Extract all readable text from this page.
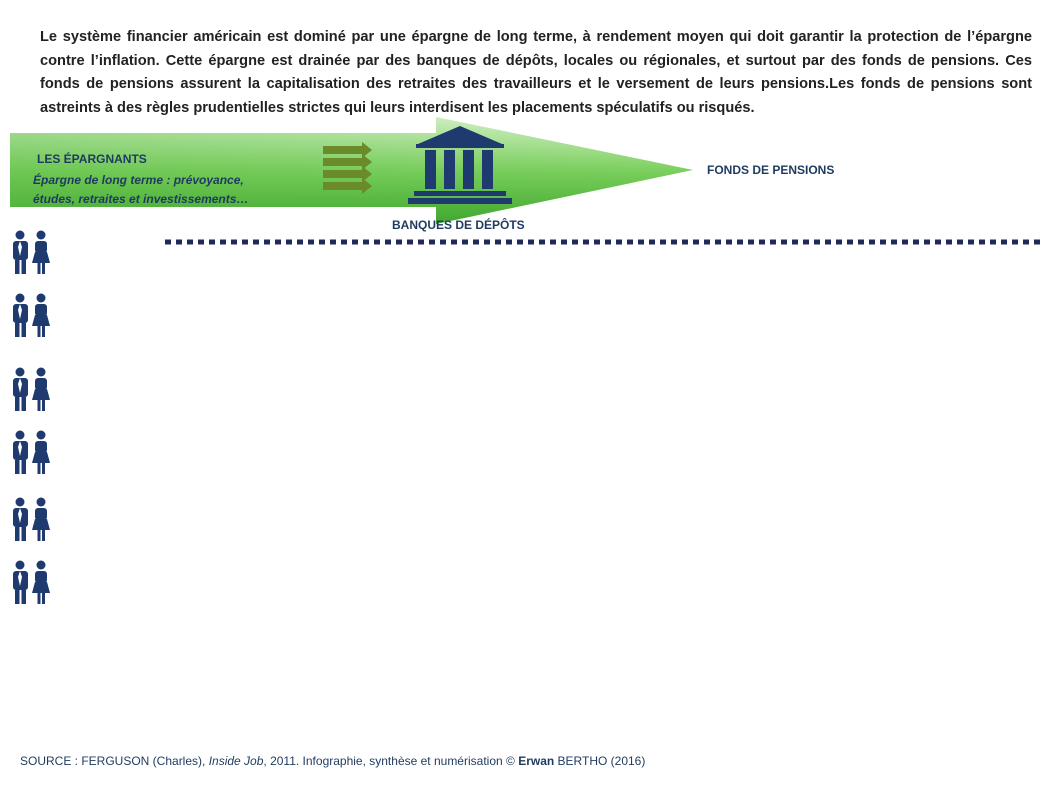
Le système financier américain est dominé par une épargne de long terme, à rendement moyen qui doit garantir la protection de l’épargne contre l’inflation. Cette épargne est drainée par des banques de dépôts, locales ou régionales, et surtout par des fonds de pensions. Ces fonds de pensions assurent la capitalisation des retraites des travailleurs et le versement de leurs pensions.Les fonds de pensions sont astreints à des règles prudentielles strictes qui leurs interdisent les placements spéculatifs ou risqués.

LES ÉPARGNANTS
Épargne de long terme : prévoyance, études, retraites et investissements…
BANQUES DE DÉPÔTS
FONDS DE PENSIONS
SOURCE : FERGUSON (Charles), Inside Job, 2011. Infographie, synthèse et numérisation © Erwan BERTHO (2016)
